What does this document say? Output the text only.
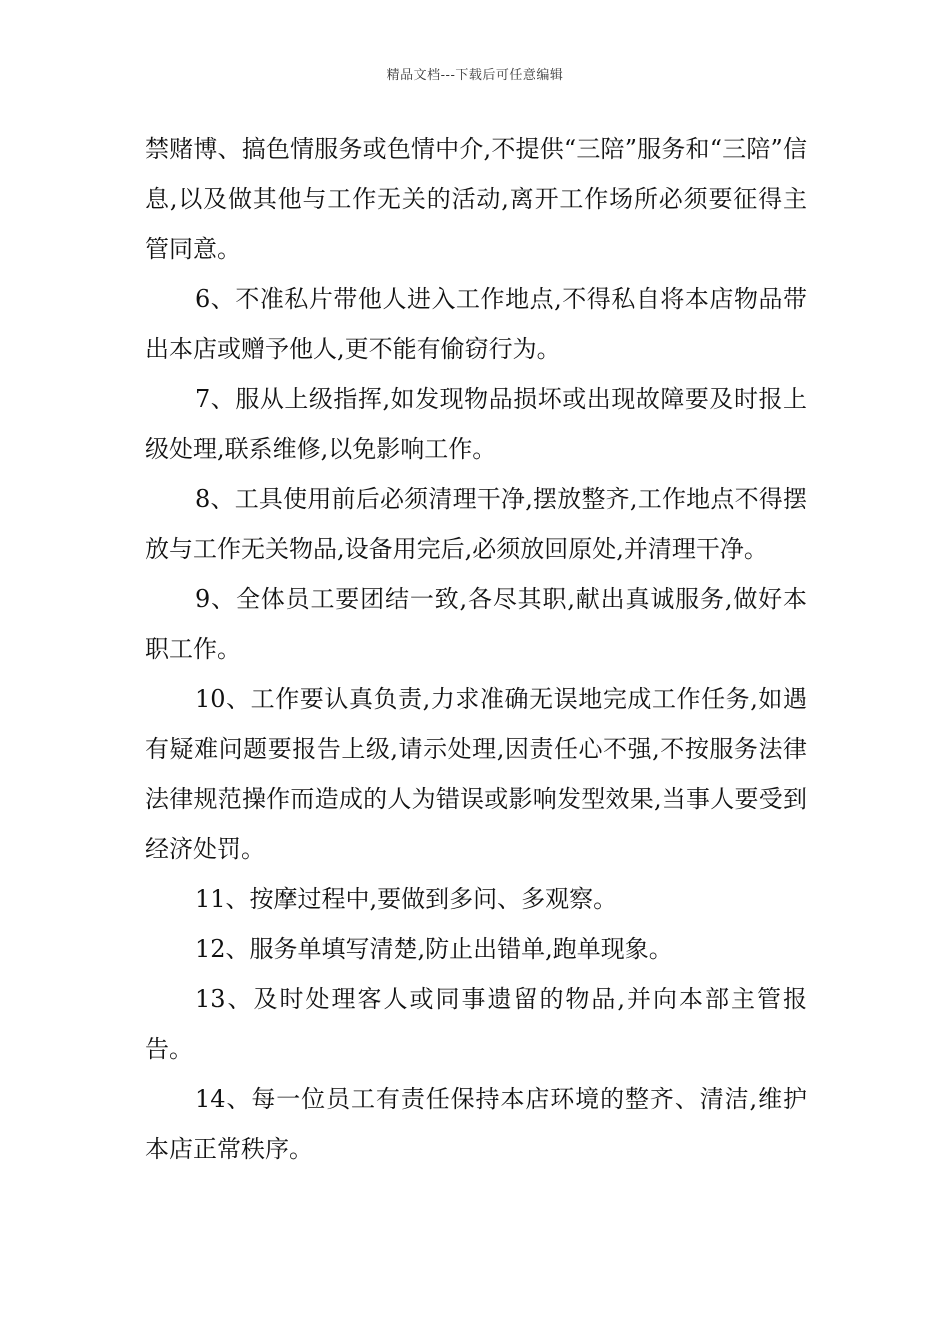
精品文档---下载后可任意编辑

禁赌博、搞色情服务或色情中介,不提供“三陪”服务和“三陪”信息,以及做其他与工作无关的活动,离开工作场所必须要征得主管同意。

6、不准私片带他人进入工作地点,不得私自将本店物品带出本店或赠予他人,更不能有偷窃行为。

7、服从上级指挥,如发现物品损坏或出现故障要及时报上级处理,联系维修,以免影响工作。

8、工具使用前后必须清理干净,摆放整齐,工作地点不得摆放与工作无关物品,设备用完后,必须放回原处,并清理干净。

9、全体员工要团结一致,各尽其职,献出真诚服务,做好本职工作。

10、工作要认真负责,力求准确无误地完成工作任务,如遇有疑难问题要报告上级,请示处理,因责任心不强,不按服务法律法律规范操作而造成的人为错误或影响发型效果,当事人要受到经济处罚。

11、按摩过程中,要做到多问、多观察。

12、服务单填写清楚,防止出错单,跑单现象。

13、及时处理客人或同事遗留的物品,并向本部主管报告。

14、每一位员工有责任保持本店环境的整齐、清洁,维护本店正常秩序。
